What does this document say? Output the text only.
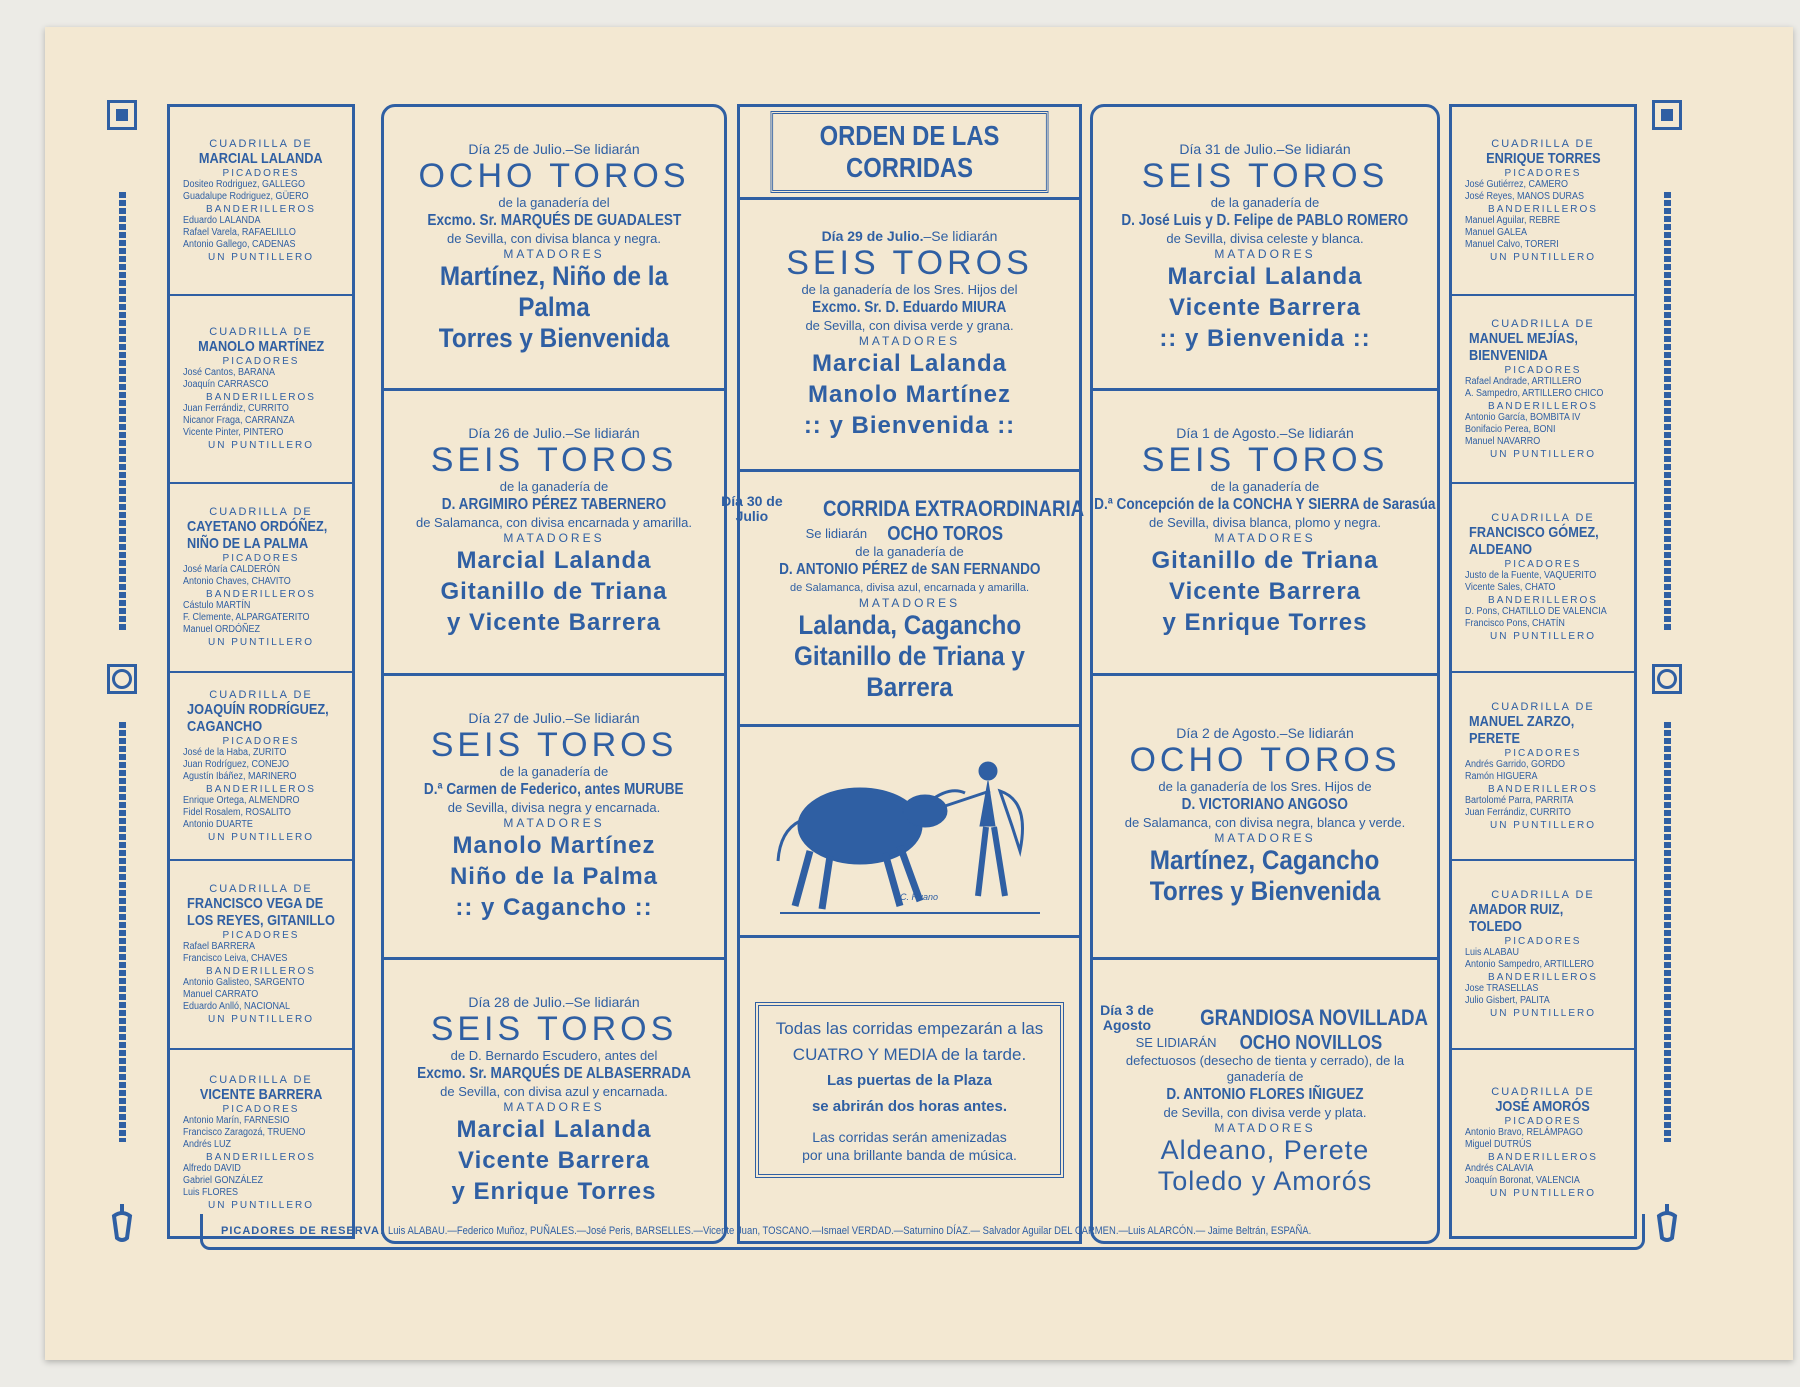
CUADRILLA DE
MARCIAL LALANDA
PICADORES
Dositeo Rodriguez, GALLEGO
Guadalupe Rodriguez, GÜERO
BANDERILLEROS
Eduardo LALANDA
Rafael Varela, RAFAELILLO
Antonio Gallego, CADENAS
UN PUNTILLERO
CUADRILLA DE
MANOLO MARTÍNEZ
PICADORES
José Cantos, BARANA
Joaquín CARRASCO
BANDERILLEROS
Juan Ferrándiz, CURRITO
Nicanor Fraga, CARRANZA
Vicente Pinter, PINTERO
UN PUNTILLERO
CUADRILLA DE
CAYETANO ORDÓÑEZ, NIÑO DE LA PALMA
PICADORES
José María CALDERÓN
Antonio Chaves, CHAVITO
BANDERILLEROS
Cástulo MARTÍN
F. Clemente, ALPARGATERITO
Manuel ORDÓÑEZ
UN PUNTILLERO
CUADRILLA DE
JOAQUÍN RODRÍGUEZ, CAGANCHO
PICADORES
José de la Haba, ZURITO
Juan Rodríguez, CONEJO
Agustín Ibáñez, MARINERO
BANDERILLEROS
Enrique Ortega, ALMENDRO
Fidel Rosalem, ROSALITO
Antonio DUARTE
UN PUNTILLERO
CUADRILLA DE
FRANCISCO VEGA DE LOS REYES, GITANILLO
PICADORES
Rafael BARRERA
Francisco Leiva, CHAVES
BANDERILLEROS
Antonio Galisteo, SARGENTO
Manuel CARRATO
Eduardo Anlló, NACIONAL
UN PUNTILLERO
CUADRILLA DE
VICENTE BARRERA
PICADORES
Antonio Marín, FARNESIO
Francisco Zaragozá, TRUENO
Andrés LUZ
BANDERILLEROS
Alfredo DAVID
Gabriel GONZÁLEZ
Luis FLORES
UN PUNTILLERO
CUADRILLA DE
ENRIQUE TORRES
PICADORES
José Gutiérrez, CAMERO
José Reyes, MANOS DURAS
BANDERILLEROS
Manuel Aguilar, REBRE
Manuel GALEA
Manuel Calvo, TORERI
UN PUNTILLERO
CUADRILLA DE
MANUEL MEJÍAS, BIENVENIDA
PICADORES
Rafael Andrade, ARTILLERO
A. Sampedro, ARTILLERO CHICO
BANDERILLEROS
Antonio García, BOMBITA IV
Bonifacio Perea, BONI
Manuel NAVARRO
UN PUNTILLERO
CUADRILLA DE
FRANCISCO GÓMEZ, ALDEANO
PICADORES
Justo de la Fuente, VAQUERITO
Vicente Sales, CHATO
BANDERILLEROS
D. Pons, CHATILLO DE VALENCIA
Francisco Pons, CHATÍN
UN PUNTILLERO
CUADRILLA DE
MANUEL ZARZO, PERETE
PICADORES
Andrés Garrido, GORDO
Ramón HIGUERA
BANDERILLEROS
Bartolomé Parra, PARRITA
Juan Ferrándiz, CURRITO
UN PUNTILLERO
CUADRILLA DE
AMADOR RUIZ, TOLEDO
PICADORES
Luis ALABAU
Antonio Sampedro, ARTILLERO
BANDERILLEROS
Jose TRASELLAS
Julio Gisbert, PALITA
UN PUNTILLERO
CUADRILLA DE
JOSÉ AMORÓS
PICADORES
Antonio Bravo, RELÁMPAGO
Miguel DUTRÚS
BANDERILLEROS
Andrés CALAVIA
Joaquín Boronat, VALENCIA
UN PUNTILLERO
Día 25 de Julio.–Se lidiarán
OCHO TOROS
de la ganadería del
Excmo. Sr. MARQUÉS DE GUADALEST
de Sevilla, con divisa blanca y negra.
MATADORES
Martínez, Niño de la Palma
Torres y Bienvenida
Día 26 de Julio.–Se lidiarán
SEIS TOROS
de la ganadería de
D. ARGIMIRO PÉREZ TABERNERO
de Salamanca, con divisa encarnada y amarilla.
MATADORES
Marcial Lalanda
Gitanillo de Triana
y Vicente Barrera
Día 27 de Julio.–Se lidiarán
SEIS TOROS
de la ganadería de
D.ª Carmen de Federico, antes MURUBE
de Sevilla, divisa negra y encarnada.
MATADORES
Manolo Martínez
Niño de la Palma
:: y Cagancho ::
Día 28 de Julio.–Se lidiarán
SEIS TOROS
de D. Bernardo Escudero, antes del
Excmo. Sr. MARQUÉS DE ALBASERRADA
de Sevilla, con divisa azul y encarnada.
MATADORES
Marcial Lalanda
Vicente Barrera
y Enrique Torres
ORDEN DE LAS CORRIDAS
Día 29 de Julio.–Se lidiarán
SEIS TOROS
de la ganadería de los Sres. Hijos del
Excmo. Sr. D. Eduardo MIURA
de Sevilla, con divisa verde y grana.
MATADORES
Marcial Lalanda
Manolo Martínez
:: y Bienvenida ::
Día 30 de Julio	CORRIDA EXTRAORDINARIA
Se lidiarán OCHO TOROS
de la ganadería de
D. ANTONIO PÉREZ de SAN FERNANDO
de Salamanca, divisa azul, encarnada y amarilla.
MATADORES
Lalanda, Cagancho
Gitanillo de Triana y Barrera
C. Ruano
Todas las corridas empezarán a las
CUATRO Y MEDIA de la tarde.
Las puertas de la Plaza
se abrirán dos horas antes.
Las corridas serán amenizadas
por una brillante banda de música.
Día 31 de Julio.–Se lidiarán
SEIS TOROS
de la ganadería de
D. José Luis y D. Felipe de PABLO ROMERO
de Sevilla, divisa celeste y blanca.
MATADORES
Marcial Lalanda
Vicente Barrera
:: y Bienvenida ::
Día 1 de Agosto.–Se lidiarán
SEIS TOROS
de la ganadería de
D.ª Concepción de la CONCHA Y SIERRA de Sarasúa
de Sevilla, divisa blanca, plomo y negra.
MATADORES
Gitanillo de Triana
Vicente Barrera
y Enrique Torres
Día 2 de Agosto.–Se lidiarán
OCHO TOROS
de la ganadería de los Sres. Hijos de
D. VICTORIANO ANGOSO
de Salamanca, con divisa negra, blanca y verde.
MATADORES
Martínez, Cagancho
Torres y Bienvenida
Día 3 de Agosto	GRANDIOSA NOVILLADA
SE LIDIARÁN OCHO NOVILLOS
defectuosos (desecho de tienta y cerrado), de la ganadería de
D. ANTONIO FLORES IÑIGUEZ
de Sevilla, con divisa verde y plata.
MATADORES
Aldeano, Perete
Toledo y Amorós
PICADORES DE RESERVA:
Luis ALABAU.—Federico Muñoz, PUÑALES.—José Peris, BARSELLES.—Vicente Juan, TOSCANO.—Ismael VERDAD.—Saturnino DÍAZ.— Salvador Aguilar DEL CARMEN.—Luis ALARCÓN.— Jaime Beltrán, ESPAÑA.
